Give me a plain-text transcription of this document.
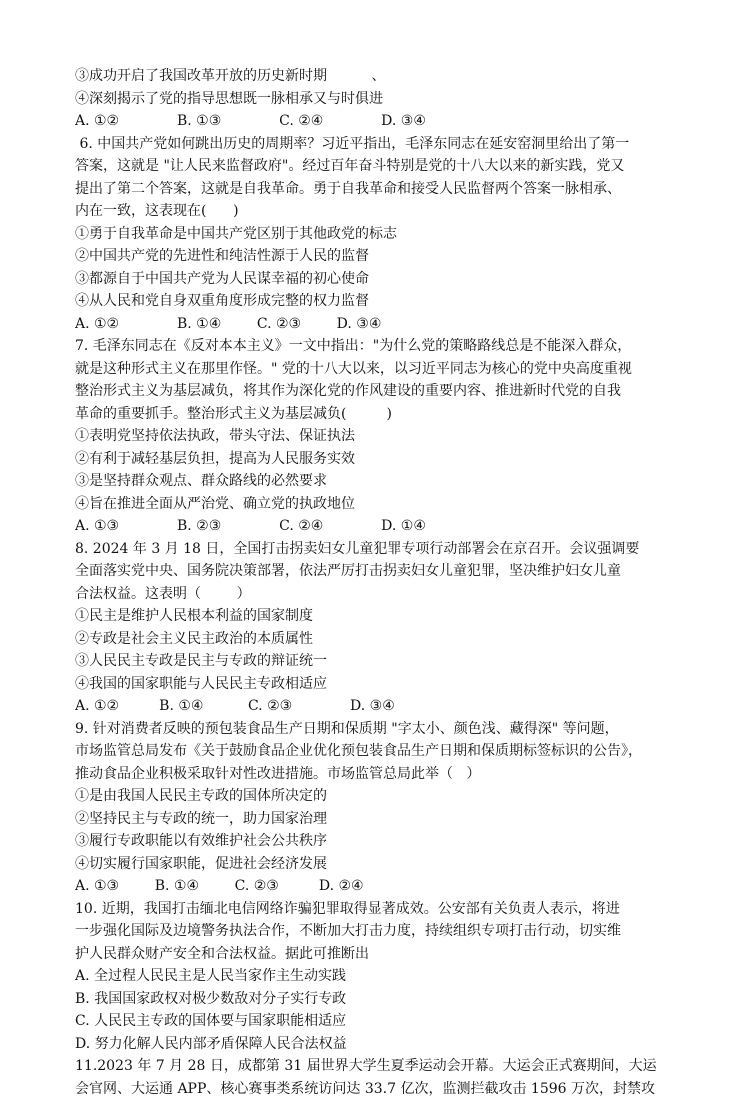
③成功开启了我国改革开放的历史新时期          、
④深刻揭示了党的指导思想既一脉相承又与时俱进
A. ①②             B. ①③             C. ②④             D. ③④
6. 中国共产党如何跳出历史的周期率？习近平指出，毛泽东同志在延安窑洞里给出了第一
答案，这就是 "让人民来监督政府"。经过百年奋斗特别是党的十八大以来的新实践，党又
提出了第二个答案，这就是自我革命。勇于自我革命和接受人民监督两个答案一脉相承、
内在一致，这表现在(      )
①勇于自我革命是中国共产党区别于其他政党的标志
②中国共产党的先进性和纯洁性源于人民的监督
③都源自于中国共产党为人民谋幸福的初心使命
④从人民和党自身双重角度形成完整的权力监督
A. ①②             B. ①④        C. ②③        D. ③④
7. 毛泽东同志在《反对本本主义》一文中指出："为什么党的策略路线总是不能深入群众，
就是这种形式主义在那里作怪。" 党的十八大以来，以习近平同志为核心的党中央高度重视
整治形式主义为基层减负，将其作为深化党的作风建设的重要内容、推进新时代党的自我
革命的重要抓手。整治形式主义为基层减负(         )
①表明党坚持依法执政，带头守法、保证执法
②有利于减轻基层负担，提高为人民服务实效
③是坚持群众观点、群众路线的必然要求
④旨在推进全面从严治党、确立党的执政地位
A. ①③             B. ②③             C. ②④             D. ①④
8. 2024 年 3 月 18 日，全国打击拐卖妇女儿童犯罪专项行动部署会在京召开。会议强调要
全面落实党中央、国务院决策部署，依法严厉打击拐卖妇女儿童犯罪，坚决维护妇女儿童
合法权益。这表明（        ）
①民主是维护人民根本利益的国家制度
②专政是社会主义民主政治的本质属性
③人民民主专政是民主与专政的辩证统一
④我国的国家职能与人民民主专政相适应
A. ①②         B. ①④          C. ②③             D. ③④
9. 针对消费者反映的预包装食品生产日期和保质期 "字太小、颜色浅、藏得深" 等问题，
市场监管总局发布《关于鼓励食品企业优化预包装食品生产日期和保质期标签标识的公告》，
推动食品企业积极采取针对性改进措施。市场监管总局此举（   ）
①是由我国人民民主专政的国体所决定的
②坚持民主与专政的统一，助力国家治理
③履行专政职能以有效维护社会公共秩序
④切实履行国家职能，促进社会经济发展
A. ①③        B. ①④        C. ②③         D. ②④
10. 近期，我国打击缅北电信网络诈骗犯罪取得显著成效。公安部有关负责人表示，将进
一步强化国际及边境警务执法合作，不断加大打击力度，持续组织专项打击行动，切实维
护人民群众财产安全和合法权益。据此可推断出
A. 全过程人民民主是人民当家作主生动实践
B. 我国国家政权对极少数敌对分子实行专政
C. 人民民主专政的国体要与国家职能相适应
D. 努力化解人民内部矛盾保障人民合法权益
11.2023 年 7 月 28 日，成都第 31 届世界大学生夏季运动会开幕。大运会正式赛期间，大运
会官网、大运通 APP、核心赛事类系统访问达 33.7 亿次，监测拦截攻击 1596 万次，封禁攻
